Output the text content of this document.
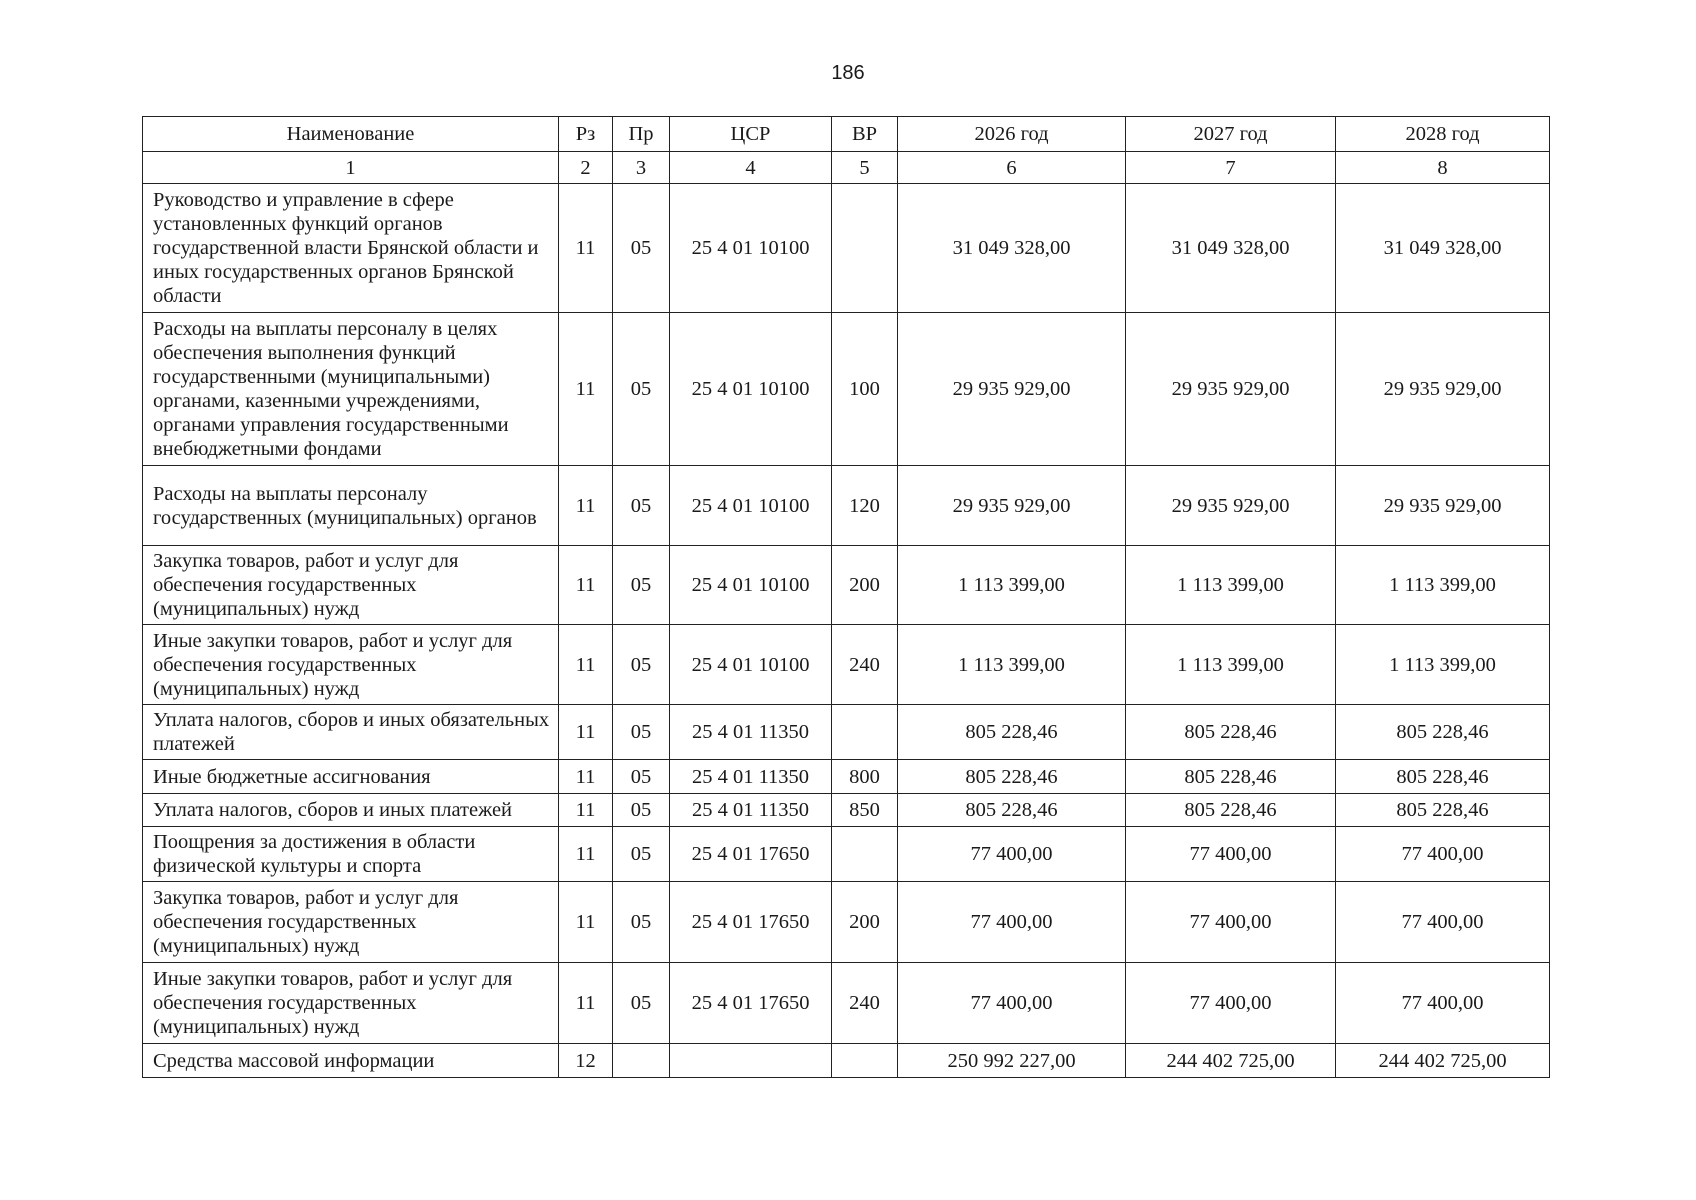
186
Наименование	Рз	Пр	ЦСР	ВР	2026 год	2027 год	2028 год
1	2	3	4	5	6	7	8
Руководство и управление в сфере установленных функций органов государственной власти Брянской области и иных государственных органов Брянской области	11	05	25 4 01 10100		31 049 328,00	31 049 328,00	31 049 328,00
Расходы на выплаты персоналу в целях обеспечения выполнения функций государственными (муниципальными) органами, казенными учреждениями, органами управления государственными внебюджетными фондами	11	05	25 4 01 10100	100	29 935 929,00	29 935 929,00	29 935 929,00
Расходы на выплаты персоналу государственных (муниципальных) органов	11	05	25 4 01 10100	120	29 935 929,00	29 935 929,00	29 935 929,00
Закупка товаров, работ и услуг для обеспечения государственных (муниципальных) нужд	11	05	25 4 01 10100	200	1 113 399,00	1 113 399,00	1 113 399,00
Иные закупки товаров, работ и услуг для обеспечения государственных (муниципальных) нужд	11	05	25 4 01 10100	240	1 113 399,00	1 113 399,00	1 113 399,00
Уплата налогов, сборов и иных обязательных платежей	11	05	25 4 01 11350		805 228,46	805 228,46	805 228,46
Иные бюджетные ассигнования	11	05	25 4 01 11350	800	805 228,46	805 228,46	805 228,46
Уплата налогов, сборов и иных платежей	11	05	25 4 01 11350	850	805 228,46	805 228,46	805 228,46
Поощрения за достижения в области физической культуры и спорта	11	05	25 4 01 17650		77 400,00	77 400,00	77 400,00
Закупка товаров, работ и услуг для обеспечения государственных (муниципальных) нужд	11	05	25 4 01 17650	200	77 400,00	77 400,00	77 400,00
Иные закупки товаров, работ и услуг для обеспечения государственных (муниципальных) нужд	11	05	25 4 01 17650	240	77 400,00	77 400,00	77 400,00
Средства массовой информации	12				250 992 227,00	244 402 725,00	244 402 725,00
